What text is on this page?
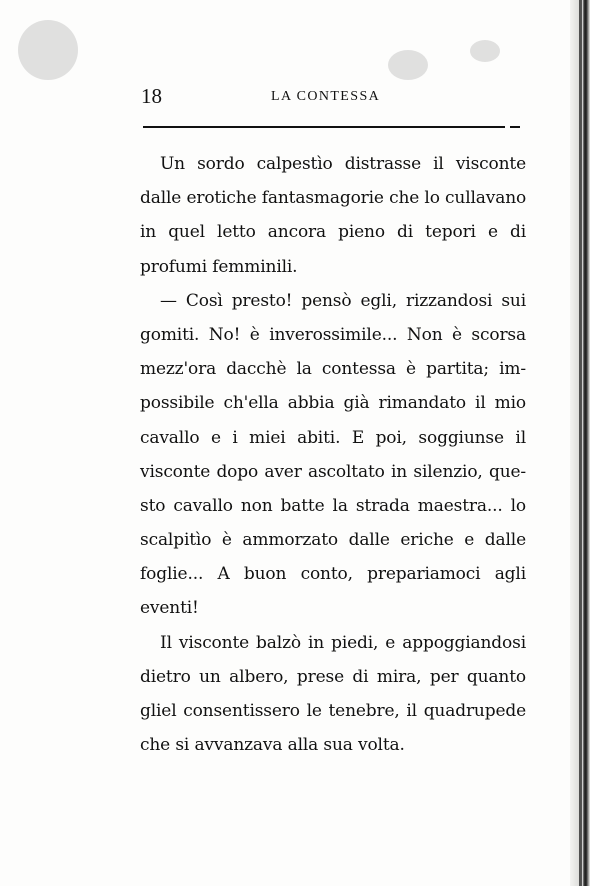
18	LA CONTESSA
Un sordo calpestìo distrasse il visconte
dalle erotiche fantasmagorie che lo cullavano
in quel letto ancora pieno di tepori e di
profumi femminili.
— Così presto! pensò egli, rizzandosi sui
gomiti. No! è inverossimile... Non è scorsa
mezz'ora dacchè la contessa è partita; im-
possibile ch'ella abbia già rimandato il mio
cavallo e i miei abiti. E poi, soggiunse il
visconte dopo aver ascoltato in silenzio, que-
sto cavallo non batte la strada maestra... lo
scalpitìo è ammorzato dalle eriche e dalle
foglie... A buon conto, prepariamoci agli
eventi!
Il visconte balzò in piedi, e appoggiandosi
dietro un albero, prese di mira, per quanto
gliel consentissero le tenebre, il quadrupede
che si avvanzava alla sua volta.
